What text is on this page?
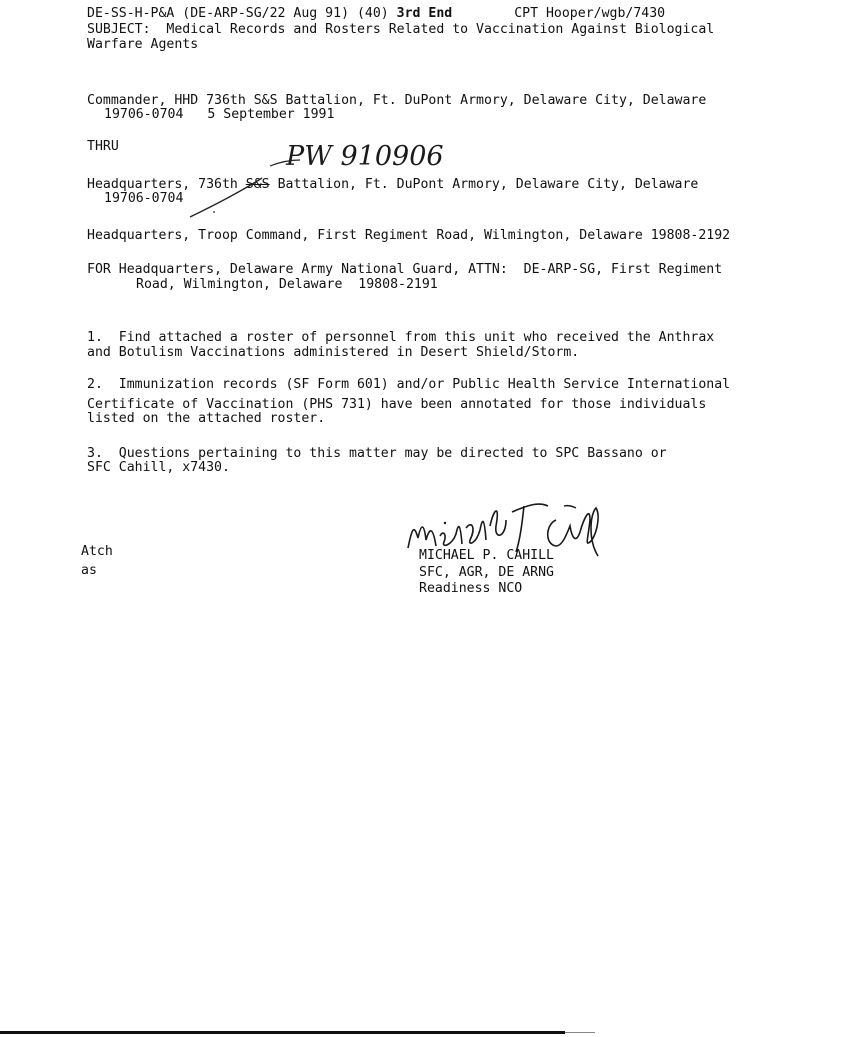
DE-SS-H-P&A (DE-ARP-SG/22 Aug 91) (40) 3rd End	CPT Hooper/wgb/7430
SUBJECT:  Medical Records and Rosters Related to Vaccination Against Biological
Warfare Agents
Commander, HHD 736th S&S Battalion, Ft. DuPont Armory, Delaware City, Delaware
19706-0704 5 September 1991
THRU	PW 910906
Headquarters, 736th S&S Battalion, Ft. DuPont Armory, Delaware City, Delaware
19706-0704
Headquarters, Troop Command, First Regiment Road, Wilmington, Delaware 19808-2192
FOR Headquarters, Delaware Army National Guard, ATTN:  DE-ARP-SG, First Regiment
Road, Wilmington, Delaware  19808-2191
1.  Find attached a roster of personnel from this unit who received the Anthrax
and Botulism Vaccinations administered in Desert Shield/Storm.
2.  Immunization records (SF Form 601) and/or Public Health Service International
Certificate of Vaccination (PHS 731) have been annotated for those individuals
listed on the attached roster.
3.  Questions pertaining to this matter may be directed to SPC Bassano or
SFC Cahill, x7430.
Atch
as
MICHAEL P. CAHILL
SFC, AGR, DE ARNG
Readiness NCO
